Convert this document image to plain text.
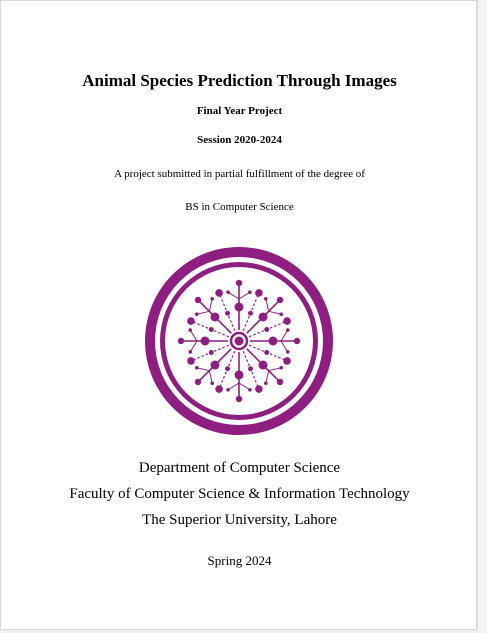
Animal Species Prediction Through Images
Final Year Project
Session 2020-2024
A project submitted in partial fulfillment of the degree of
BS in Computer Science
Department of Computer Science
Faculty of Computer Science & Information Technology
The Superior University, Lahore
Spring 2024
